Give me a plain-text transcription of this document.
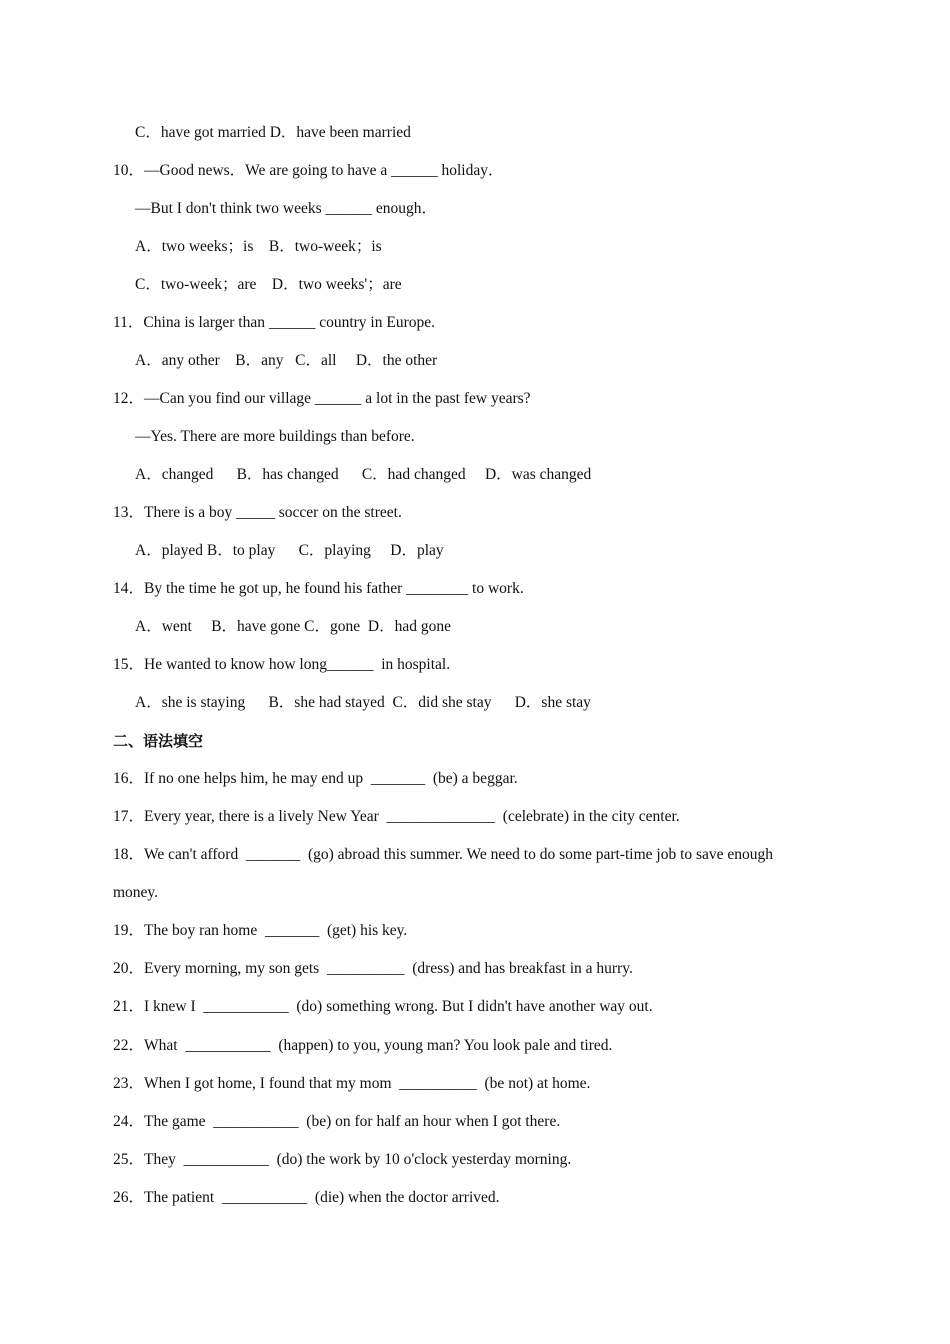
C．have got married D．have been married
10．—Good news．We are going to have a ______ holiday．
—But I don't think two weeks ______ enough．
A．two weeks；is    B．two-week；is
C．two-week；are    D．two weeks'；are
11．China is larger than ______ country in Europe.
A．any other    B．any   C．all     D．the other
12．—Can you find our village ______ a lot in the past few years?
—Yes. There are more buildings than before.
A．changed      B．has changed      C．had changed     D．was changed
13．There is a boy _____ soccer on the street.
A．played B．to play      C．playing     D．play
14．By the time he got up, he found his father ________ to work.
A．went     B．have gone C．gone  D．had gone
15．He wanted to know how long______  in hospital.
A．she is staying      B．she had stayed  C．did she stay      D．she stay
二、语法填空
16．If no one helps him, he may end up  _______  (be) a beggar.
17．Every year, there is a lively New Year  ______________  (celebrate) in the city center.
18．We can't afford  _______  (go) abroad this summer. We need to do some part-time job to save enough
money.
19．The boy ran home  _______  (get) his key.
20．Every morning, my son gets  __________  (dress) and has breakfast in a hurry.
21．I knew I  ___________  (do) something wrong. But I didn't have another way out.
22．What  ___________  (happen) to you, young man? You look pale and tired.
23．When I got home, I found that my mom  __________  (be not) at home.
24．The game  ___________  (be) on for half an hour when I got there.
25．They  ___________  (do) the work by 10 o'clock yesterday morning.
26．The patient  ___________  (die) when the doctor arrived.
